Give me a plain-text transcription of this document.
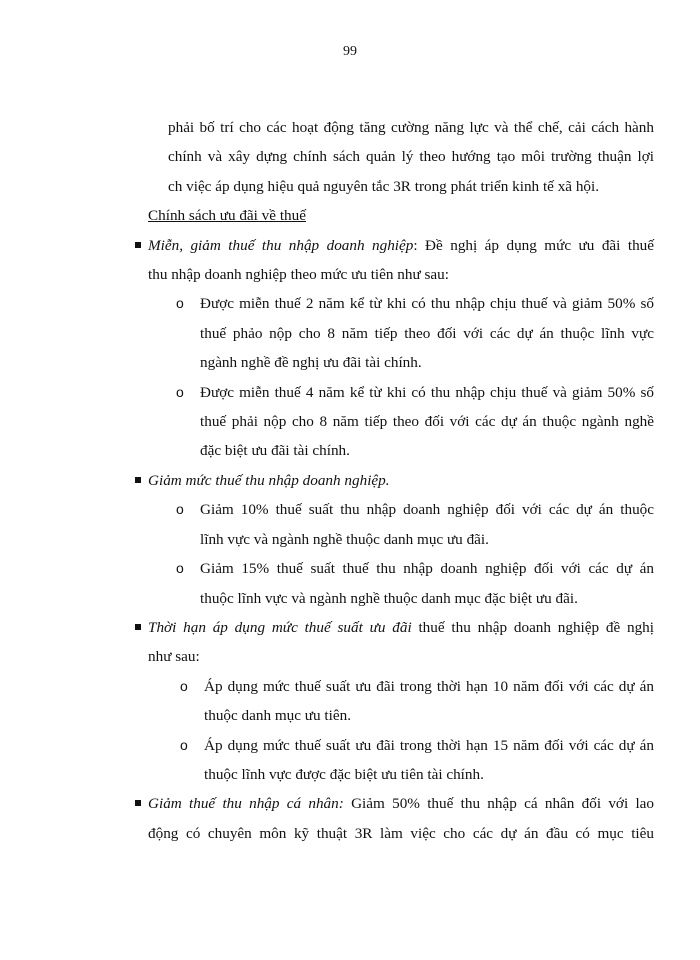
99
phải bố trí cho các hoạt động tăng cường năng lực và thể chế, cải cách hành
chính và xây dựng chính sách quản lý theo hướng tạo môi trường thuận lợi
ch việc áp dụng hiệu quả nguyên tắc 3R trong phát triển kinh tế xã hội.
Chính sách ưu đãi về thuế
Miễn, giảm thuế thu nhập doanh nghiệp: Đề nghị áp dụng mức ưu đãi thuế
thu nhập doanh nghiệp theo mức ưu tiên như sau:
o Được miễn thuế 2 năm kể từ khi có thu nhập chịu thuế và giảm 50% số
thuế phảo nộp cho 8 năm tiếp theo đối với các dự án thuộc lĩnh vực
ngành nghề đề nghị ưu đãi tài chính.
o Được miễn thuế 4 năm kể từ khi có thu nhập chịu thuế và giảm 50% số
thuế phải nộp cho 8 năm tiếp theo đối với các dự án thuộc ngành nghề
đặc biệt ưu đãi tài chính.
Giảm mức thuế thu nhập doanh nghiệp.
o Giảm 10% thuế suất thu nhập doanh nghiệp đối với các dự án thuộc
lĩnh vực và ngành nghề thuộc danh mục ưu đãi.
o Giảm 15% thuế suất thuế thu nhập doanh nghiệp đối với các dự án
thuộc lĩnh vực và ngành nghề thuộc danh mục đặc biệt ưu đãi.
Thời hạn áp dụng mức thuế suất ưu đãi thuế thu nhập doanh nghiệp đề nghị
như sau:
o Áp dụng mức thuế suất ưu đãi trong thời hạn 10 năm đối với các dự án
thuộc danh mục ưu tiên.
o Áp dụng mức thuế suất ưu đãi trong thời hạn 15 năm đối với các dự án
thuộc lĩnh vực được đặc biệt ưu tiên tài chính.
Giảm thuế thu nhập cá nhân: Giảm 50% thuế thu nhập cá nhân đối với lao
động có chuyên môn kỹ thuật 3R làm việc cho các dự án đầu có mục tiêu
